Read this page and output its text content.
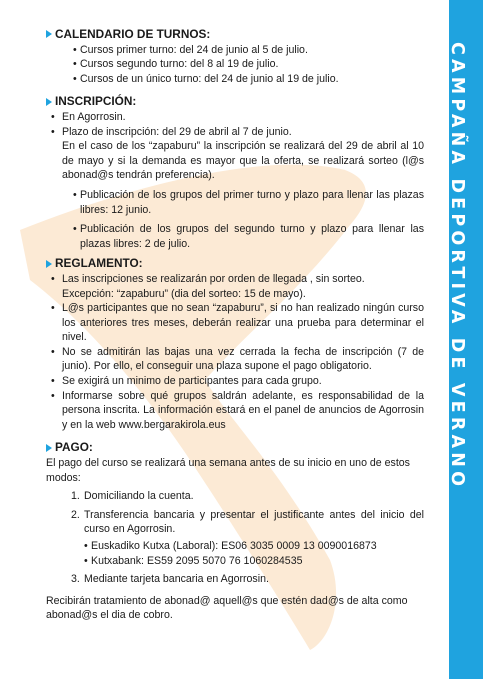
CAMPAÑA DEPORTIVA DE VERANO
CALENDARIO DE TURNOS:
• Cursos primer turno: del 24 de junio al 5 de julio.
• Cursos segundo turno: del 8 al 19 de julio.
• Cursos de un único turno: del 24 de junio al 19 de julio.
INSCRIPCIÓN:
• En Agorrosin.
• Plazo de inscripción: del 29 de abril al 7 de junio.
En el caso de los “zapaburu” la inscripción se realizará del 29 de abril al 10 de mayo y si la demanda es mayor que la oferta, se realizará sorteo (l@s abonad@s tendrán preferencia).
• Publicación de los grupos del primer turno y plazo para llenar las plazas libres: 12 junio.
• Publicación de los grupos del segundo turno y plazo para llenar las plazas libres: 2 de julio.
REGLAMENTO:
• Las inscripciones se realizarán por orden de llegada , sin sorteo.
Excepción: “zapaburu” (dia del sorteo: 15 de mayo).
• L@s participantes que no sean “zapaburu”, si no han realizado ningún curso los anteriores tres meses, deberán realizar una prueba para determinar el nivel.
• No se admitirán las bajas una vez cerrada la fecha de inscripción (7 de junio). Por ello, el conseguir una plaza supone el pago obligatorio.
• Se exigirá un minimo de participantes para cada grupo.
• Informarse sobre qué grupos saldrán adelante, es responsabilidad de la persona inscrita. La información estará en el panel de anuncios de Agorrosin y en la web www.bergarakirola.eus
PAGO:
El pago del curso se realizará una semana antes de su inicio en uno de estos modos:
1. Domiciliando la cuenta.
2. Transferencia bancaria y presentar el justificante antes del inicio del curso en Agorrosin.
• Euskadiko Kutxa (Laboral): ES06 3035 0009 13 0090016873
• Kutxabank: ES59 2095 5070 76 1060284535
3. Mediante tarjeta bancaria en Agorrosin.
Recibirán tratamiento de abonad@ aquell@s que estén dad@s de alta como abonad@s el dia de cobro.
